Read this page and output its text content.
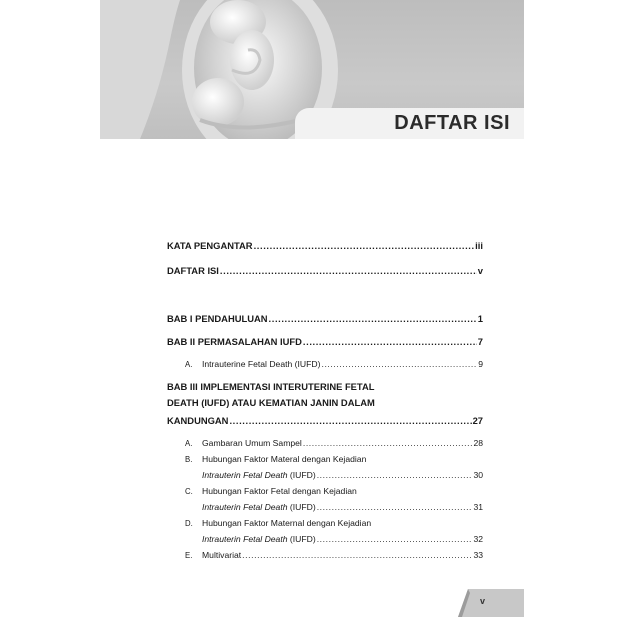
DAFTAR ISI
KATA PENGANTAR .....	iii
DAFTAR ISI .....	v
BAB I PENDAHULUAN .....	1
BAB II PERMASALAHAN IUFD .....	7
A. Intrauterine Fetal Death (IUFD) .....	9
BAB III IMPLEMENTASI INTERUTERINE FETAL
DEATH (IUFD) ATAU KEMATIAN JANIN DALAM
KANDUNGAN .....	27
A. Gambaran Umum Sampel .....	28
B. Hubungan Faktor Materal dengan Kejadian
Intrauterin Fetal Death (IUFD) .....	30
C. Hubungan Faktor Fetal dengan Kejadian
Intrauterin Fetal Death (IUFD) .....	31
D. Hubungan Faktor Maternal dengan Kejadian
Intrauterin Fetal Death (IUFD) .....	32
E. Multivariat .....	33
v
